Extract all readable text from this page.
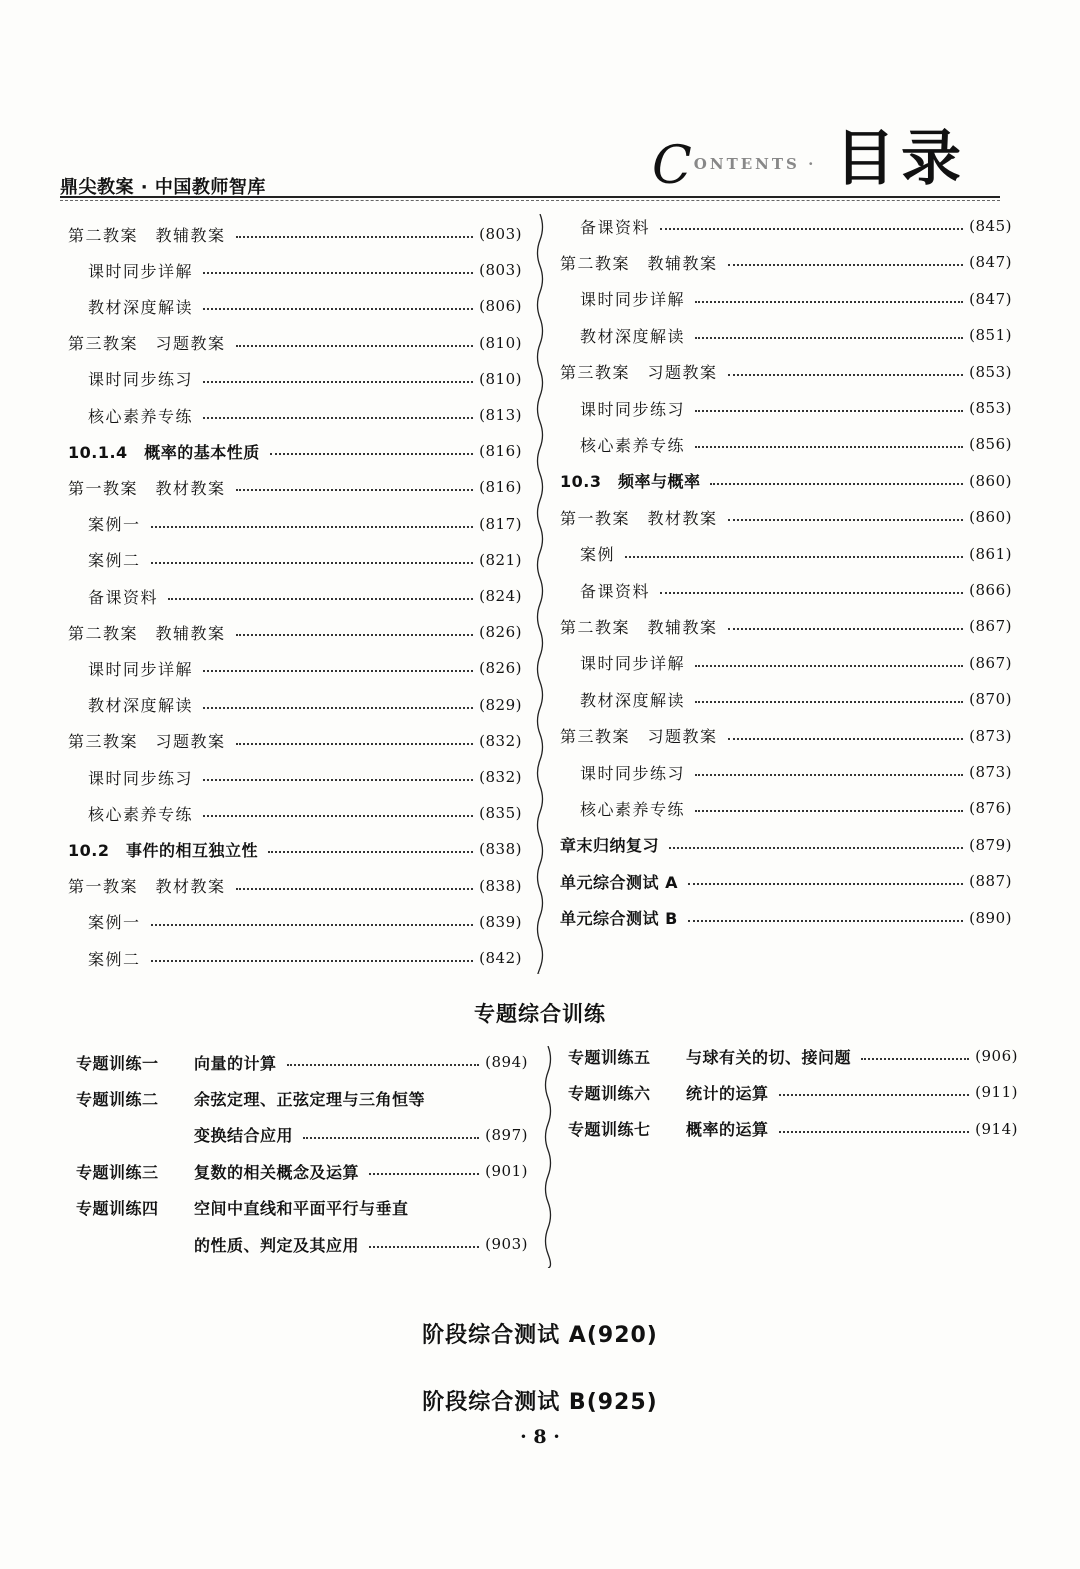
鼎尖教案 · 中国教师智库	C $^{ONTENTS \cdot}$ 目录
第二教案　教辅教案	(803)
课时同步详解	(803)
教材深度解读	(806)
第三教案　习题教案	(810)
课时同步练习	(810)
核心素养专练	(813)
10.1.4　概率的基本性质	(816)
第一教案　教材教案	(816)
案例一	(817)
案例二	(821)
备课资料	(824)
第二教案　教辅教案	(826)
课时同步详解	(826)
教材深度解读	(829)
第三教案　习题教案	(832)
课时同步练习	(832)
核心素养专练	(835)
10.2　事件的相互独立性	(838)
第一教案　教材教案	(838)
案例一	(839)
案例二	(842)
备课资料	(845)
第二教案　教辅教案	(847)
课时同步详解	(847)
教材深度解读	(851)
第三教案　习题教案	(853)
课时同步练习	(853)
核心素养专练	(856)
10.3　频率与概率	(860)
第一教案　教材教案	(860)
案例	(861)
备课资料	(866)
第二教案　教辅教案	(867)
课时同步详解	(867)
教材深度解读	(870)
第三教案　习题教案	(873)
课时同步练习	(873)
核心素养专练	(876)
章末归纳复习	(879)
单元综合测试 A	(887)
单元综合测试 B	(890)
专题综合训练
专题训练一 向量的计算	(894)
专题训练二 余弦定理、正弦定理与三角恒等
变换结合应用	(897)
专题训练三 复数的相关概念及运算	(901)
专题训练四 空间中直线和平面平行与垂直
的性质、判定及其应用	(903)
专题训练五 与球有关的切、接问题	(906)
专题训练六 统计的运算	(911)
专题训练七 概率的运算	(914)
阶段综合测试 A(920)
阶段综合测试 B(925)
· 8 ·
